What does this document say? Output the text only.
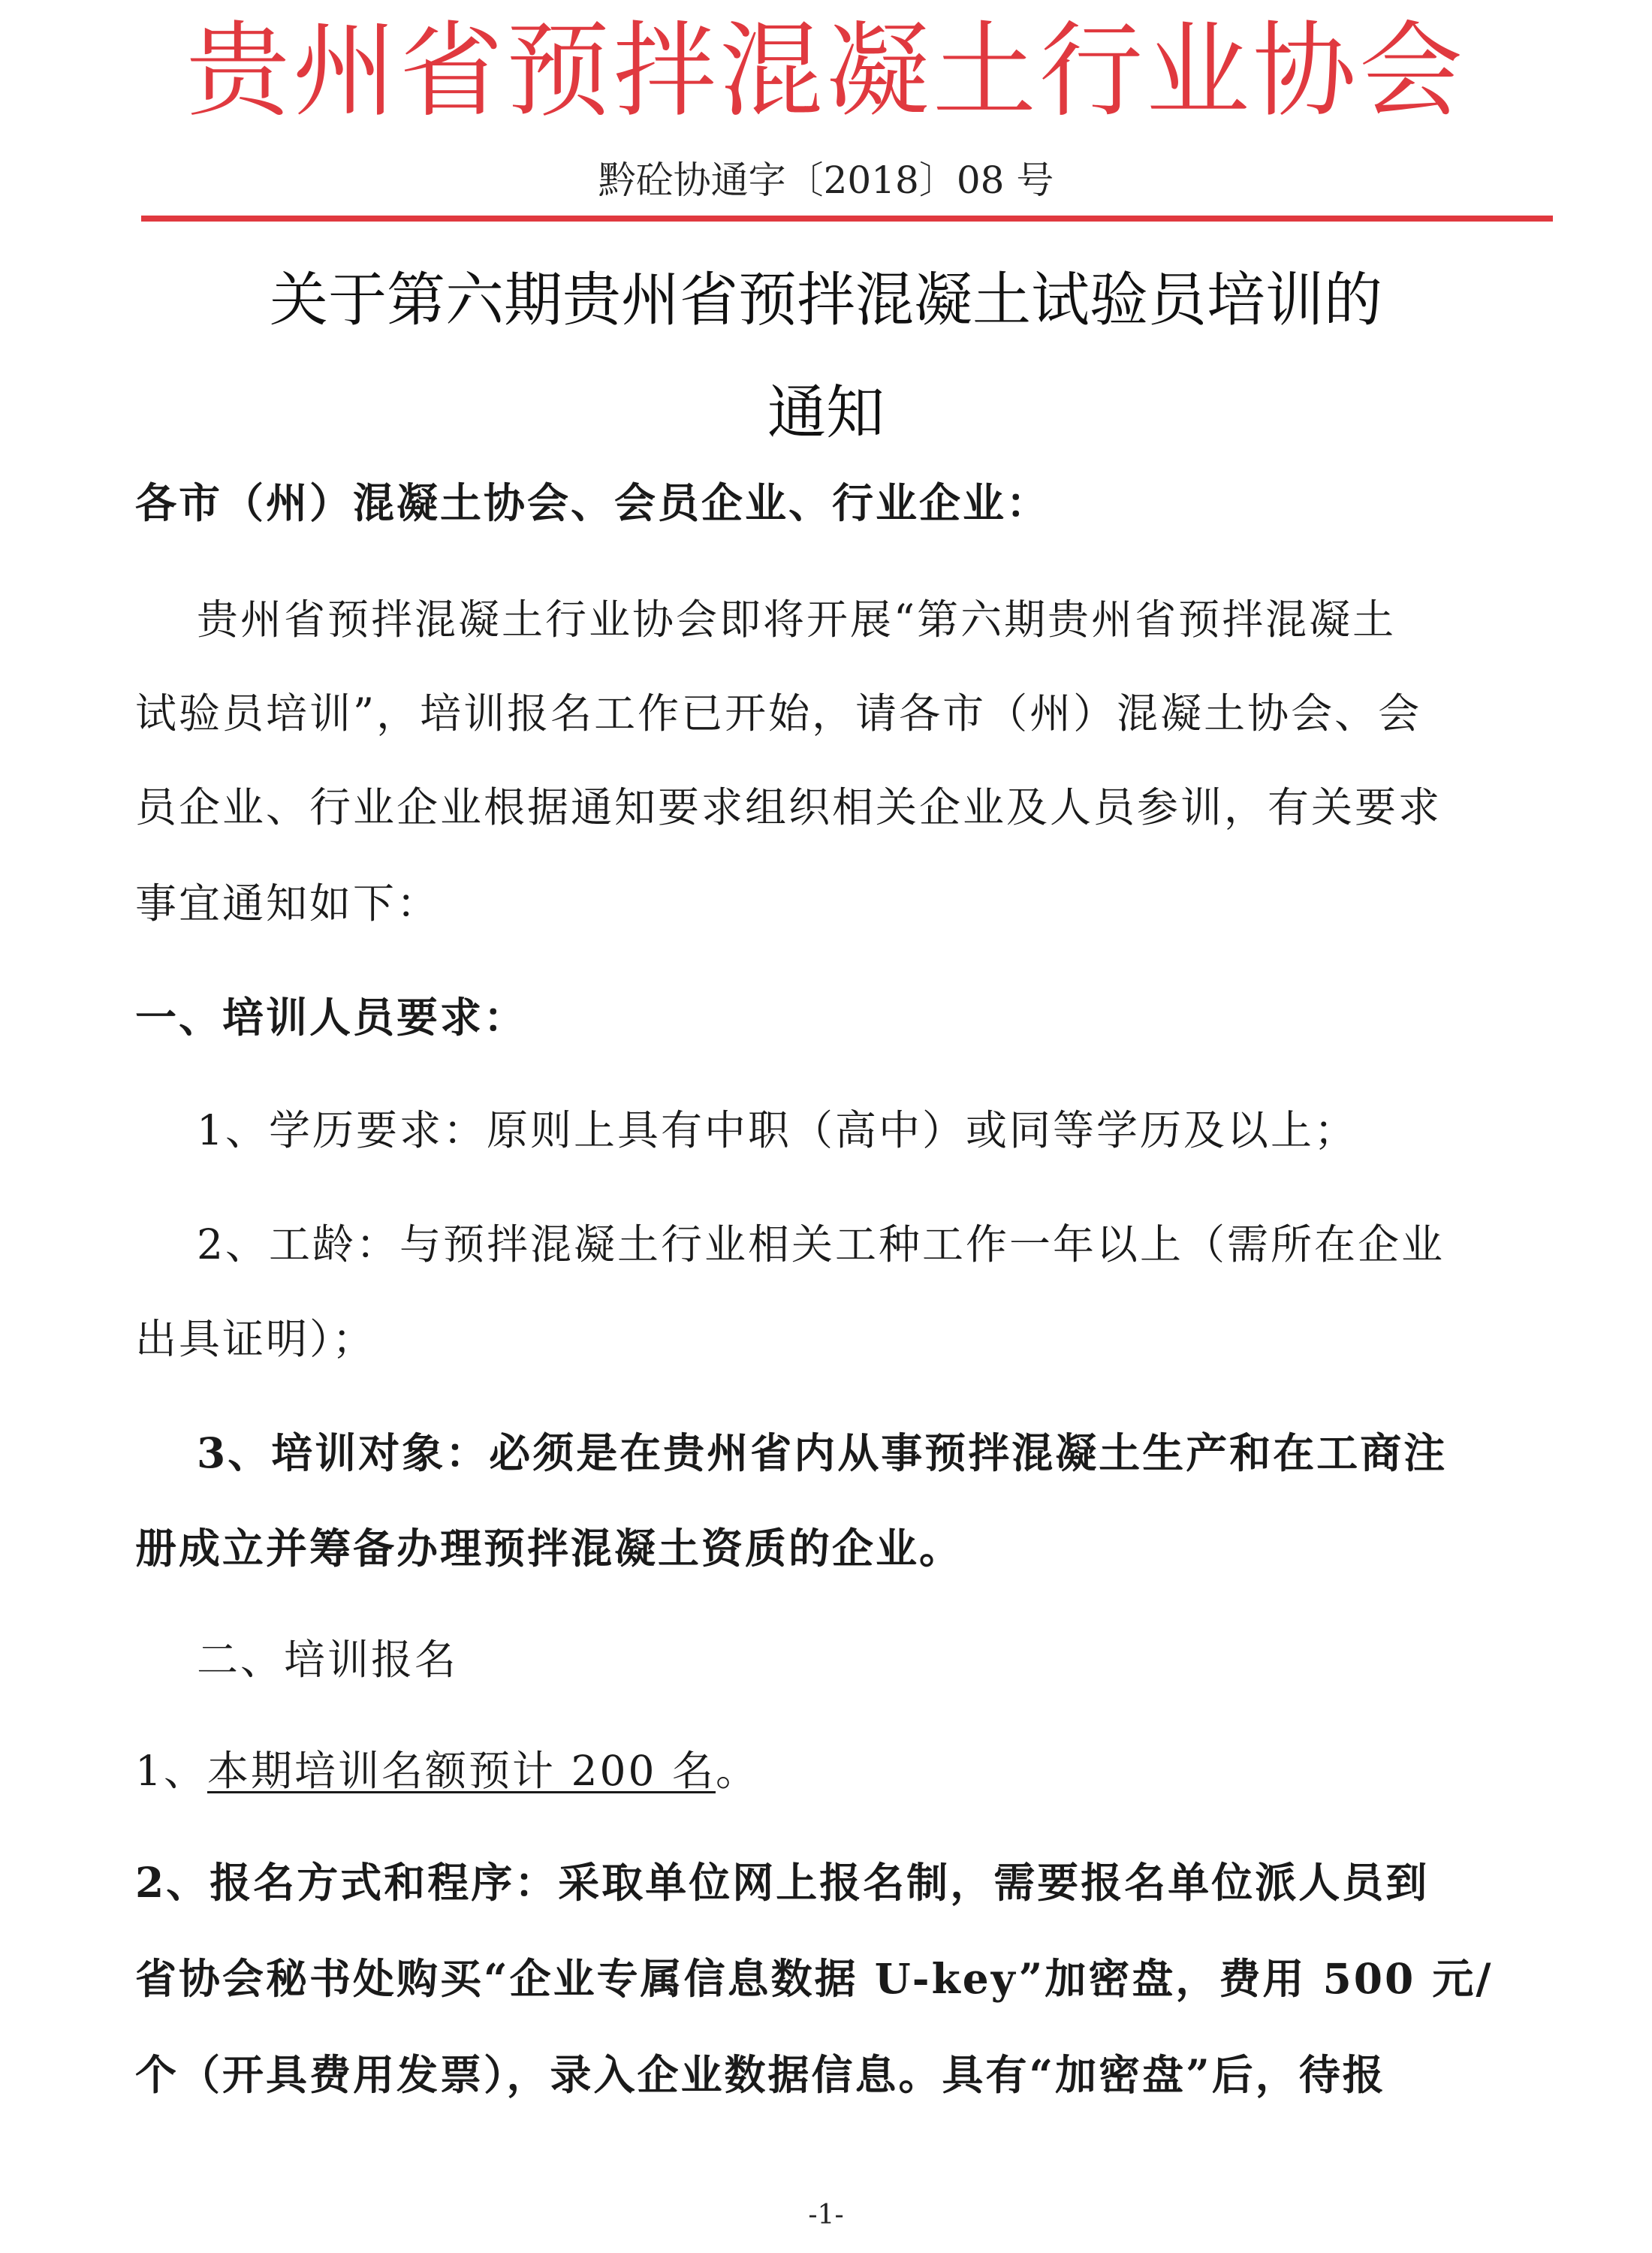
贵州省预拌混凝土行业协会
黔砼协通字〔2018〕08 号
关于第六期贵州省预拌混凝土试验员培训的
通知
各市（州）混凝土协会、会员企业、行业企业：
贵州省预拌混凝土行业协会即将开展“第六期贵州省预拌混凝土
试验员培训”，培训报名工作已开始，请各市（州）混凝土协会、会
员企业、行业企业根据通知要求组织相关企业及人员参训，有关要求
事宜通知如下：
一、培训人员要求：
1、学历要求：原则上具有中职（高中）或同等学历及以上；
2、工龄：与预拌混凝土行业相关工种工作一年以上（需所在企业
出具证明）；
3、培训对象：必须是在贵州省内从事预拌混凝土生产和在工商注
册成立并筹备办理预拌混凝土资质的企业。
二、培训报名
1、本期培训名额预计 200 名。
2、报名方式和程序：采取单位网上报名制，需要报名单位派人员到
省协会秘书处购买“企业专属信息数据 U-key”加密盘，费用 500 元/
个（开具费用发票），录入企业数据信息。具有“加密盘”后，待报
-1-
